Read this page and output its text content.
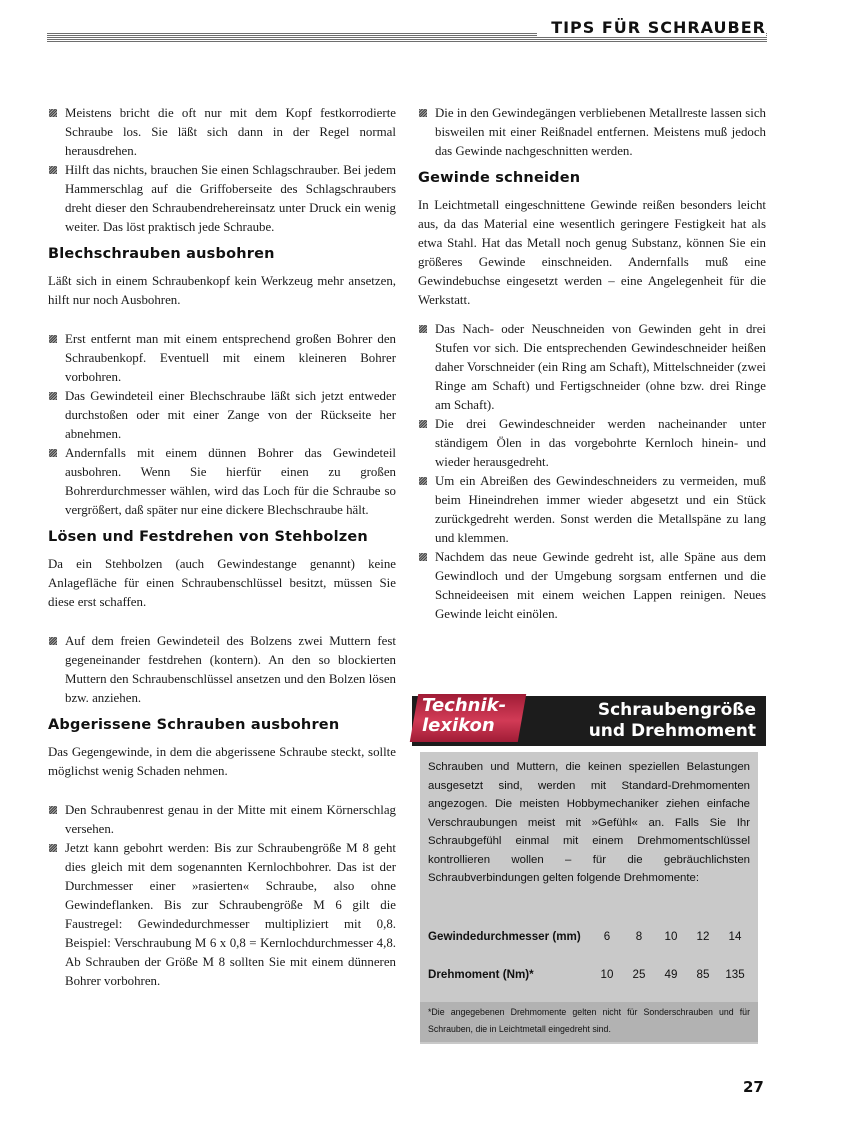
TIPS FÜR SCHRAUBER

Meistens bricht die oft nur mit dem Kopf festkorrodierte Schraube los. Sie läßt sich dann in der Regel normal herausdrehen.

Hilft das nichts, brauchen Sie einen Schlagschrauber. Bei jedem Hammerschlag auf die Griffoberseite des Schlagschraubers dreht dieser den Schraubendrehereinsatz unter Druck ein wenig weiter. Das löst praktisch jede Schraube.

Blechschrauben ausbohren

Läßt sich in einem Schraubenkopf kein Werkzeug mehr ansetzen, hilft nur noch Ausbohren.

Erst entfernt man mit einem entsprechend großen Bohrer den Schraubenkopf. Eventuell mit einem kleineren Bohrer vorbohren.

Das Gewindeteil einer Blechschraube läßt sich jetzt entweder durchstoßen oder mit einer Zange von der Rückseite her abnehmen.

Andernfalls mit einem dünnen Bohrer das Gewindeteil ausbohren. Wenn Sie hierfür einen zu großen Bohrerdurchmesser wählen, wird das Loch für die Schraube so vergrößert, daß später nur eine dickere Blechschraube hält.

Lösen und Festdrehen von Stehbolzen

Da ein Stehbolzen (auch Gewindestange genannt) keine Anlagefläche für einen Schraubenschlüssel besitzt, müssen Sie diese erst schaffen.

Auf dem freien Gewindeteil des Bolzens zwei Muttern fest gegeneinander festdrehen (kontern). An den so blockierten Muttern den Schraubenschlüssel ansetzen und den Bolzen lösen bzw. anziehen.

Abgerissene Schrauben ausbohren

Das Gegengewinde, in dem die abgerissene Schraube steckt, sollte möglichst wenig Schaden nehmen.

Den Schraubenrest genau in der Mitte mit einem Körnerschlag versehen.

Jetzt kann gebohrt werden: Bis zur Schraubengröße M 8 geht dies gleich mit dem sogenannten Kernlochbohrer. Das ist der Durchmesser einer »rasierten« Schraube, also ohne Gewindeflanken. Bis zur Schraubengröße M 6 gilt die Faustregel: Gewindedurchmesser multipliziert mit 0,8. Beispiel: Verschraubung M 6 x 0,8 = Kernlochdurchmesser 4,8. Ab Schrauben der Größe M 8 sollten Sie mit einem dünneren Bohrer vorbohren.

Die in den Gewindegängen verbliebenen Metallreste lassen sich bisweilen mit einer Reißnadel entfernen. Meistens muß jedoch das Gewinde nachgeschnitten werden.

Gewinde schneiden

In Leichtmetall eingeschnittene Gewinde reißen besonders leicht aus, da das Material eine wesentlich geringere Festigkeit hat als etwa Stahl. Hat das Metall noch genug Substanz, können Sie ein größeres Gewinde einschneiden. Andernfalls muß eine Gewindebuchse eingesetzt werden – eine Angelegenheit für die Werkstatt.

Das Nach- oder Neuschneiden von Gewinden geht in drei Stufen vor sich. Die entsprechenden Gewindeschneider heißen daher Vorschneider (ein Ring am Schaft), Mittelschneider (zwei Ringe am Schaft) und Fertigschneider (ohne bzw. drei Ringe am Schaft).

Die drei Gewindeschneider werden nacheinander unter ständigem Ölen in das vorgebohrte Kernloch hinein- und wieder herausgedreht.

Um ein Abreißen des Gewindeschneiders zu vermeiden, muß beim Hineindrehen immer wieder abgesetzt und ein Stück zurückgedreht werden. Sonst werden die Metallspäne zu lang und klemmen.

Nachdem das neue Gewinde gedreht ist, alle Späne aus dem Gewindloch und der Umgebung sorgsam entfernen und die Schneideeisen mit einem weichen Lappen reinigen. Neues Gewinde leicht einölen.

Technik-
lexikon
Schraubengröße
und Drehmoment
Schrauben und Muttern, die keinen speziellen Belastungen ausgesetzt sind, werden mit Standard-Drehmomenten angezogen. Die meisten Hobbymechaniker ziehen einfache Verschraubungen meist mit »Gefühl« an. Falls Sie Ihr Schraubgefühl einmal mit einem Drehmomentschlüssel kontrollieren wollen – für die gebräuchlichsten Schraubverbindungen gelten folgende Drehmomente:
Gewindedurchmesser (mm)	6	8	10	12	14
Drehmoment (Nm)*	10	25	49	85	135
*Die angegebenen Drehmomente gelten nicht für Sonderschrauben und für Schrauben, die in Leichtmetall eingedreht sind.
27
